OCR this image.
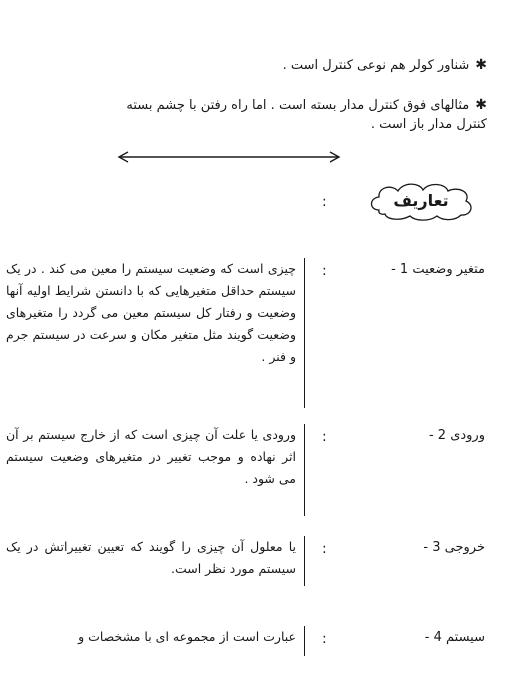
✱شناور کولر هم نوعی کنترل است .
✱مثالهای فوق کنترل مدار بسته است . اما راه رفتن با چشم بسته
کنترل مدار باز است .
:	تعاریف
متغیر وضعیت 1 -
:
چیزی است که وضعیت سیستم را معین می کند . در یک سیستم حداقل متغیرهایی که با دانستن شرایط اولیه آنها وضعیت و رفتار کل سیستم معین می گردد را متغیرهای وضعیت گویند مثل متغیر مکان و سرعت در سیستم جرم و فنر .
ورودی 2 -
:
ورودی یا علت آن چیزی است که از خارج سیستم بر آن اثر نهاده و موجب تغییر در متغیرهای وضعیت سیستم می شود .
خروجی 3 -
:
یا معلول آن چیزی را گویند که تعیین تغییراتش در یک سیستم مورد نظر است.
سیستم 4 -
:
عبارت است از مجموعه ای با مشخصات و
